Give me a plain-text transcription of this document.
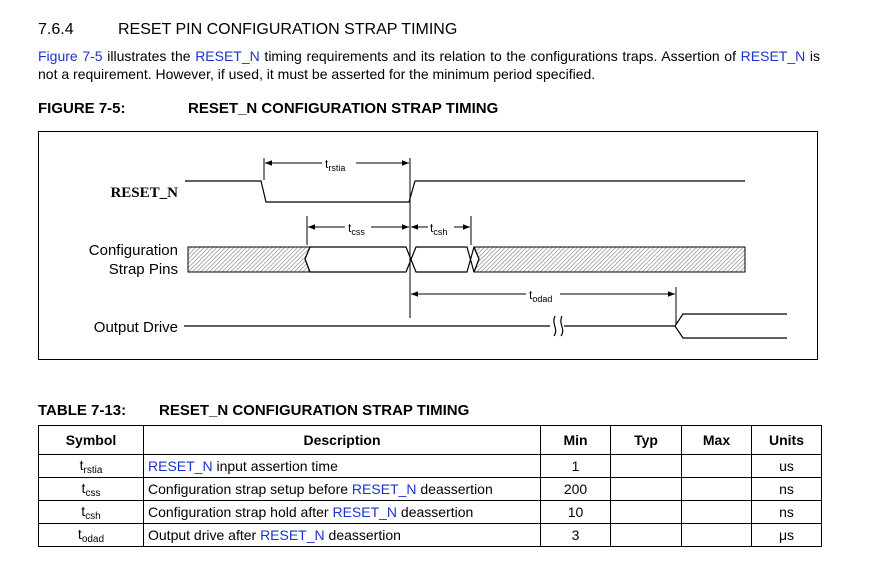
7.6.4	RESET PIN CONFIGURATION STRAP TIMING
Figure 7-5 illustrates the RESET_N timing requirements and its relation to the configurations traps. Assertion of RESET_N is not a requirement. However, if used, it must be asserted for the minimum period specified.
FIGURE 7-5:	RESET_N CONFIGURATION STRAP TIMING
RESET_N
Configuration
Strap Pins
Output Drive
$t_{rstia}$
$t_{css}$	$t_{csh}$
$t_{odad}$
TABLE 7-13: RESET_N CONFIGURATION STRAP TIMING
Symbol	Description	Min	Typ	Max	Units
$t_{rstia}$	RESET_N input assertion time	1			us
$t_{css}$	Configuration strap setup before RESET_N deassertion	200			ns
$t_{csh}$	Configuration strap hold after RESET_N deassertion	10			ns
$t_{odad}$	Output drive after RESET_N deassertion	3			μs
